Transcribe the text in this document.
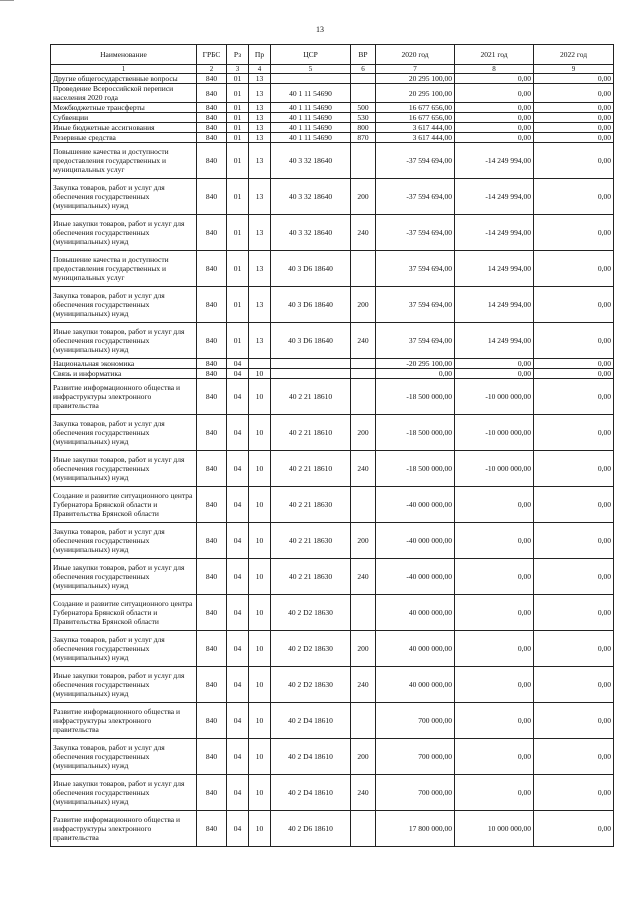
13
Наименование	ГРБС	Рз	Пр	ЦСР	ВР	2020 год	2021 год	2022 год
1	2	3	4	5	6	7	8	9
Другие общегосударственные вопросы	840	01	13			20 295 100,00	0,00	0,00
Проведение Всероссийской переписи населения 2020 года	840	01	13	40 1 11 54690		20 295 100,00	0,00	0,00
Межбюджетные трансферты	840	01	13	40 1 11 54690	500	16 677 656,00	0,00	0,00
Субвенции	840	01	13	40 1 11 54690	530	16 677 656,00	0,00	0,00
Иные бюджетные ассигнования	840	01	13	40 1 11 54690	800	3 617 444,00	0,00	0,00
Резервные средства	840	01	13	40 1 11 54690	870	3 617 444,00	0,00	0,00
Повышение качества и доступности предоставления государственных и муниципальных услуг	840	01	13	40 3 32 18640		-37 594 694,00	-14 249 994,00	0,00
Закупка товаров, работ и услуг для обеспечения государственных (муниципальных) нужд	840	01	13	40 3 32 18640	200	-37 594 694,00	-14 249 994,00	0,00
Иные закупки товаров, работ и услуг для обеспечения государственных (муниципальных) нужд	840	01	13	40 3 32 18640	240	-37 594 694,00	-14 249 994,00	0,00
Повышение качества и доступности предоставления государственных и муниципальных услуг	840	01	13	40 3 D6 18640		37 594 694,00	14 249 994,00	0,00
Закупка товаров, работ и услуг для обеспечения государственных (муниципальных) нужд	840	01	13	40 3 D6 18640	200	37 594 694,00	14 249 994,00	0,00
Иные закупки товаров, работ и услуг для обеспечения государственных (муниципальных) нужд	840	01	13	40 3 D6 18640	240	37 594 694,00	14 249 994,00	0,00
Национальная экономика	840	04				-20 295 100,00	0,00	0,00
Связь и информатика	840	04	10			0,00	0,00	0,00
Развитие информационного общества и инфраструктуры электронного правительства	840	04	10	40 2 21 18610		-18 500 000,00	-10 000 000,00	0,00
Закупка товаров, работ и услуг для обеспечения государственных (муниципальных) нужд	840	04	10	40 2 21 18610	200	-18 500 000,00	-10 000 000,00	0,00
Иные закупки товаров, работ и услуг для обеспечения государственных (муниципальных) нужд	840	04	10	40 2 21 18610	240	-18 500 000,00	-10 000 000,00	0,00
Создание и развитие ситуационного центра Губернатора Брянской области и Правительства Брянской области	840	04	10	40 2 21 18630		-40 000 000,00	0,00	0,00
Закупка товаров, работ и услуг для обеспечения государственных (муниципальных) нужд	840	04	10	40 2 21 18630	200	-40 000 000,00	0,00	0,00
Иные закупки товаров, работ и услуг для обеспечения государственных (муниципальных) нужд	840	04	10	40 2 21 18630	240	-40 000 000,00	0,00	0,00
Создание и развитие ситуационного центра Губернатора Брянской области и Правительства Брянской области	840	04	10	40 2 D2 18630		40 000 000,00	0,00	0,00
Закупка товаров, работ и услуг для обеспечения государственных (муниципальных) нужд	840	04	10	40 2 D2 18630	200	40 000 000,00	0,00	0,00
Иные закупки товаров, работ и услуг для обеспечения государственных (муниципальных) нужд	840	04	10	40 2 D2 18630	240	40 000 000,00	0,00	0,00
Развитие информационного общества и инфраструктуры электронного правительства	840	04	10	40 2 D4 18610		700 000,00	0,00	0,00
Закупка товаров, работ и услуг для обеспечения государственных (муниципальных) нужд	840	04	10	40 2 D4 18610	200	700 000,00	0,00	0,00
Иные закупки товаров, работ и услуг для обеспечения государственных (муниципальных) нужд	840	04	10	40 2 D4 18610	240	700 000,00	0,00	0,00
Развитие информационного общества и инфраструктуры электронного правительства	840	04	10	40 2 D6 18610		17 800 000,00	10 000 000,00	0,00
